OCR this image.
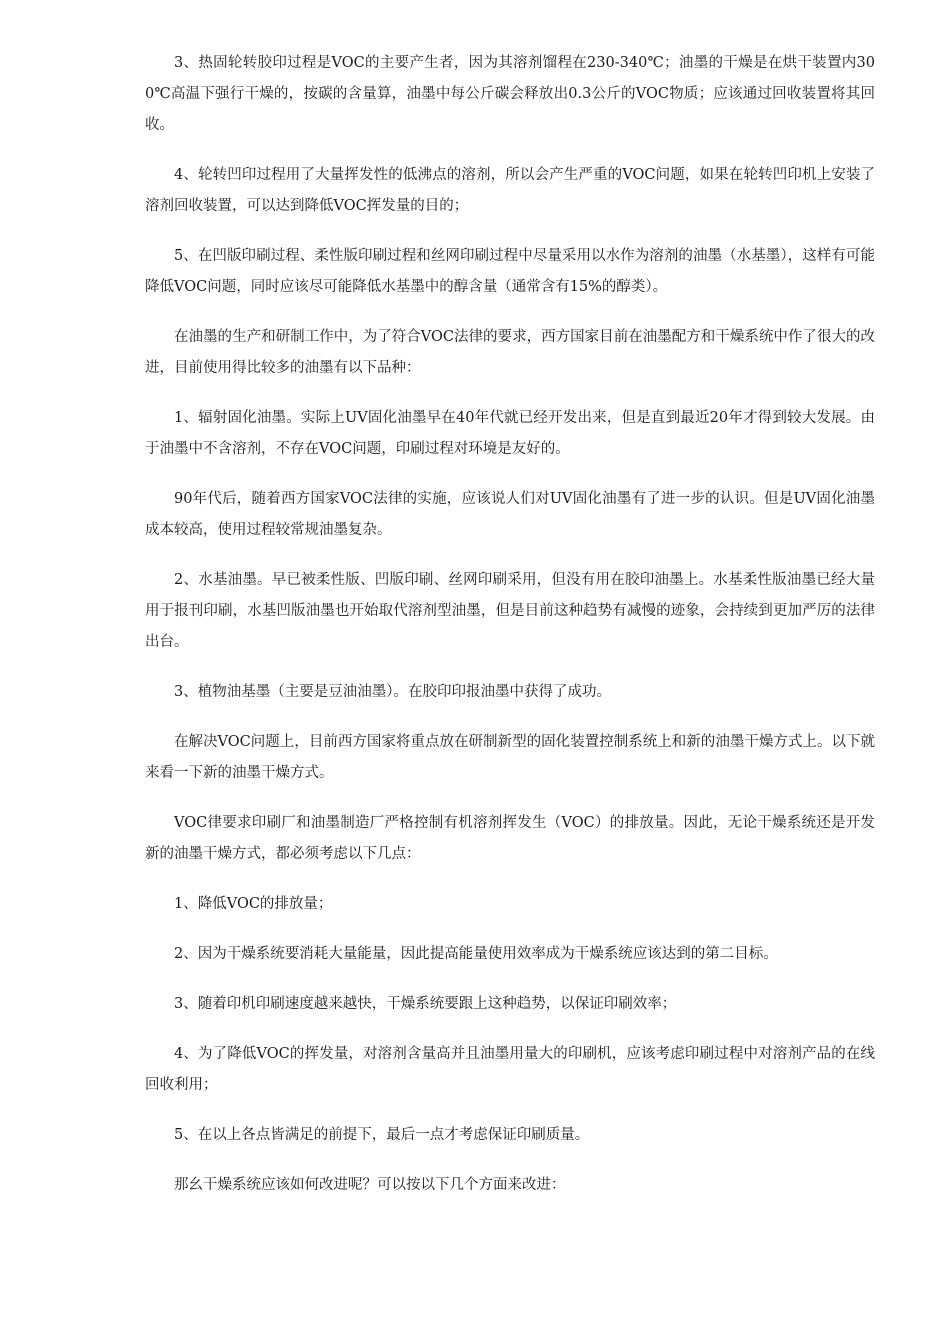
3、热固轮转胶印过程是VOC的主要产生者，因为其溶剂馏程在230-340℃；油墨的干燥是在烘干装置内300℃高温下强行干燥的，按碳的含量算，油墨中每公斤碳会释放出0.3公斤的VOC物质；应该通过回收装置将其回收。

4、轮转凹印过程用了大量挥发性的低沸点的溶剂，所以会产生严重的VOC问题，如果在轮转凹印机上安装了溶剂回收装置，可以达到降低VOC挥发量的目的；

5、在凹版印刷过程、柔性版印刷过程和丝网印刷过程中尽量采用以水作为溶剂的油墨（水基墨），这样有可能降低VOC问题，同时应该尽可能降低水基墨中的醇含量（通常含有15%的醇类）。

在油墨的生产和研制工作中，为了符合VOC法律的要求，西方国家目前在油墨配方和干燥系统中作了很大的改进，目前使用得比较多的油墨有以下品种：

1、辐射固化油墨。实际上UV固化油墨早在40年代就已经开发出来，但是直到最近20年才得到较大发展。由于油墨中不含溶剂，不存在VOC问题，印刷过程对环境是友好的。

90年代后，随着西方国家VOC法律的实施，应该说人们对UV固化油墨有了进一步的认识。但是UV固化油墨成本较高，使用过程较常规油墨复杂。

2、水基油墨。早已被柔性版、凹版印刷、丝网印刷采用，但没有用在胶印油墨上。水基柔性版油墨已经大量用于报刊印刷，水基凹版油墨也开始取代溶剂型油墨，但是目前这种趋势有减慢的迹象，会持续到更加严厉的法律出台。

3、植物油基墨（主要是豆油油墨）。在胶印印报油墨中获得了成功。

在解决VOC问题上，目前西方国家将重点放在研制新型的固化装置控制系统上和新的油墨干燥方式上。以下就来看一下新的油墨干燥方式。

VOC律要求印刷厂和油墨制造厂严格控制有机溶剂挥发生（VOC）的排放量。因此，无论干燥系统还是开发新的油墨干燥方式，都必须考虑以下几点：

1、降低VOC的排放量；

2、因为干燥系统要消耗大量能量，因此提高能量使用效率成为干燥系统应该达到的第二目标。

3、随着印机印刷速度越来越快，干燥系统要跟上这种趋势，以保证印刷效率；

4、为了降低VOC的挥发量，对溶剂含量高并且油墨用量大的印刷机，应该考虑印刷过程中对溶剂产品的在线回收利用；

5、在以上各点皆满足的前提下，最后一点才考虑保证印刷质量。

那幺干燥系统应该如何改进呢？可以按以下几个方面来改进：
